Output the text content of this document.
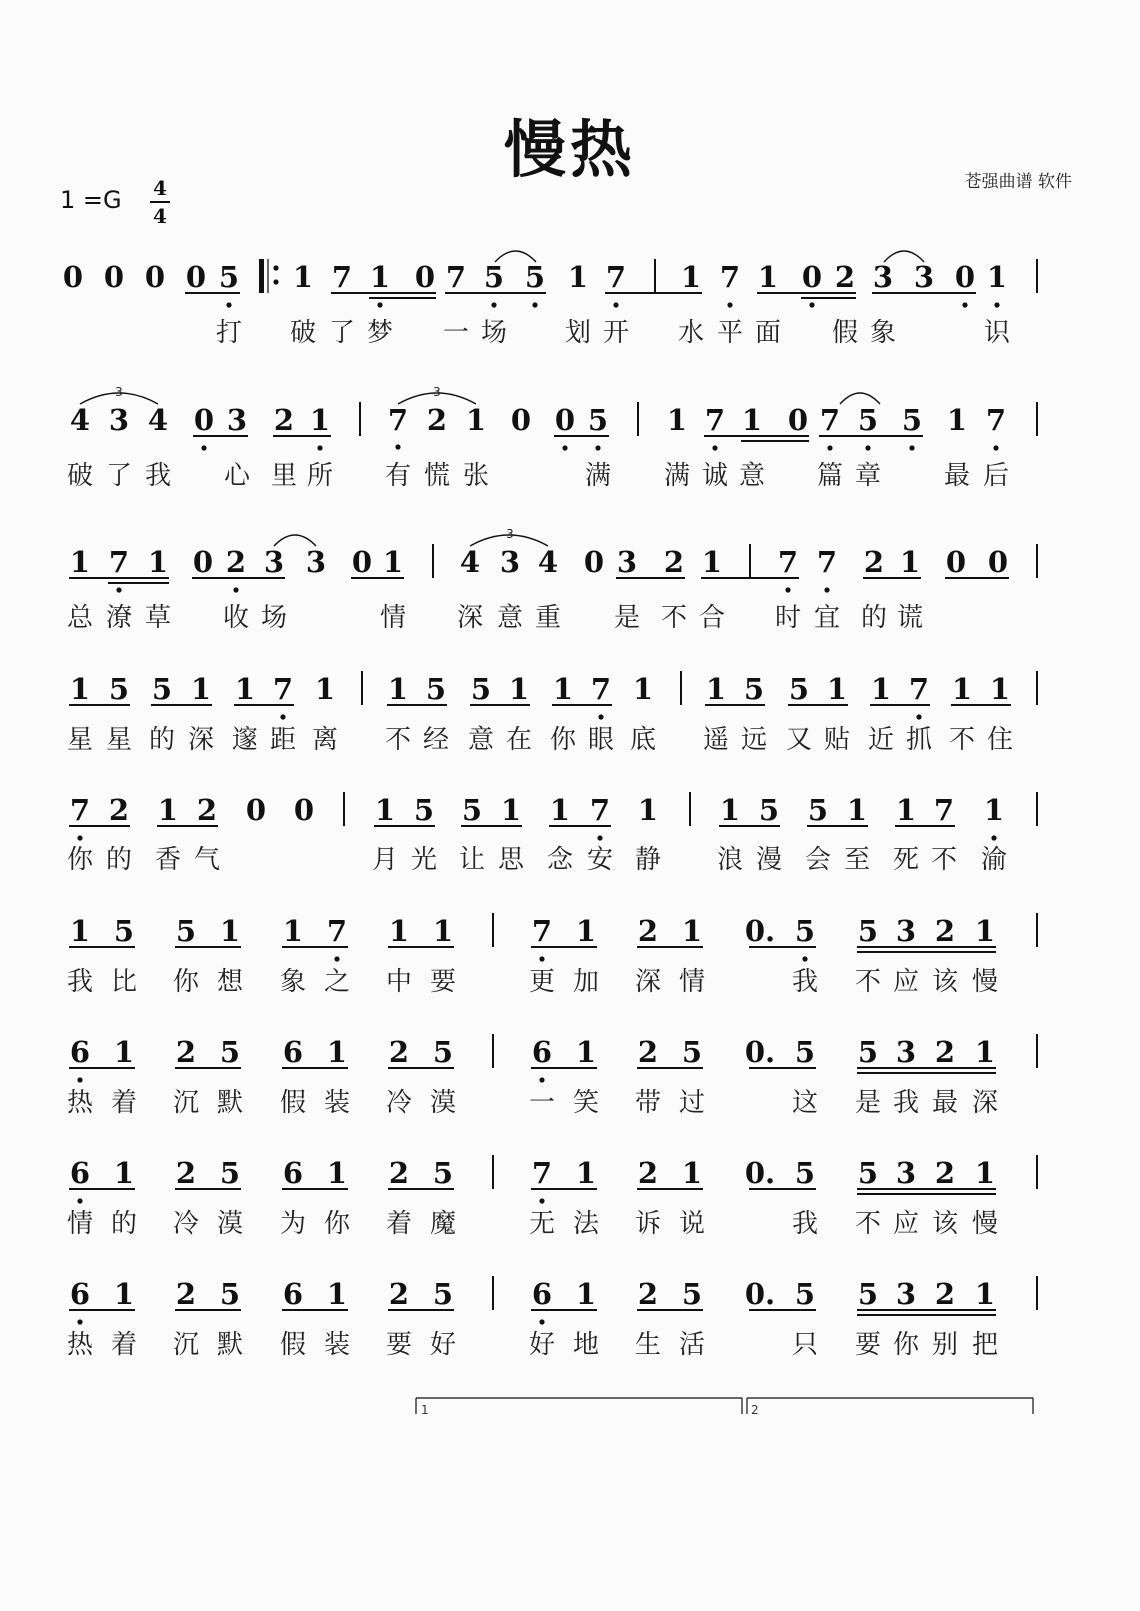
慢热	苍强曲谱 软件
1 =G 4
4
0 0 0 0 5 1 7 1 0 7 5 5 1 7 1 7 1 0 2 3 3 0 1
打 破 了 梦 一 场 划 开 水 平 面 假 象	识
4 3 4 0 3 2 1 7 2 1 0 0 5 1 7 1 0 7 5 5 1 7
破 了 我 心 里 所 有 慌 张	满 满 诚 意 篇 章 最 后
1 7 1 0 2 3 3 0 1 4 3 4 0 3 2 1 7 7 2 1 0 0
总 潦 草 收 场	情 深 意 重 是 不 合 时 宜 的 谎
1 5 5 1 1 7 1 1 5 5 1 1 7 1 1 5 5 1 1 7 1 1
星 星 的 深 邃 距 离 不 经 意 在 你 眼 底 遥 远 又 贴 近 抓 不 住
7 2 1 2 0 0 1 5 5 1 1 7 1 1 5 5 1 1 7 1
你 的 香 气	月 光 让 思 念 安 静 浪 漫 会 至 死 不 渝
1 5 5 1 1 7 1 1	7 1 2 1 0. 5 5 3 2 1
我 比 你 想 象 之 中 要	更 加 深 情	我 不 应 该 慢
6 1 2 5 6 1 2 5	6 1 2 5 0. 5 5 3 2 1
热 着 沉 默 假 装 冷 漠	一 笑 带 过	这 是 我 最 深
6 1 2 5 6 1 2 5	7 1 2 1 0. 5 5 3 2 1
情 的 冷 漠 为 你 着 魔	无 法 诉 说	我 不 应 该 慢
6 1 2 5 6 1 2 5	6 1 2 5 0. 5 5 3 2 1
热 着 沉 默 假 装 要 好	好 地 生 活	只 要 你 别 把
3	3
3
1	2
